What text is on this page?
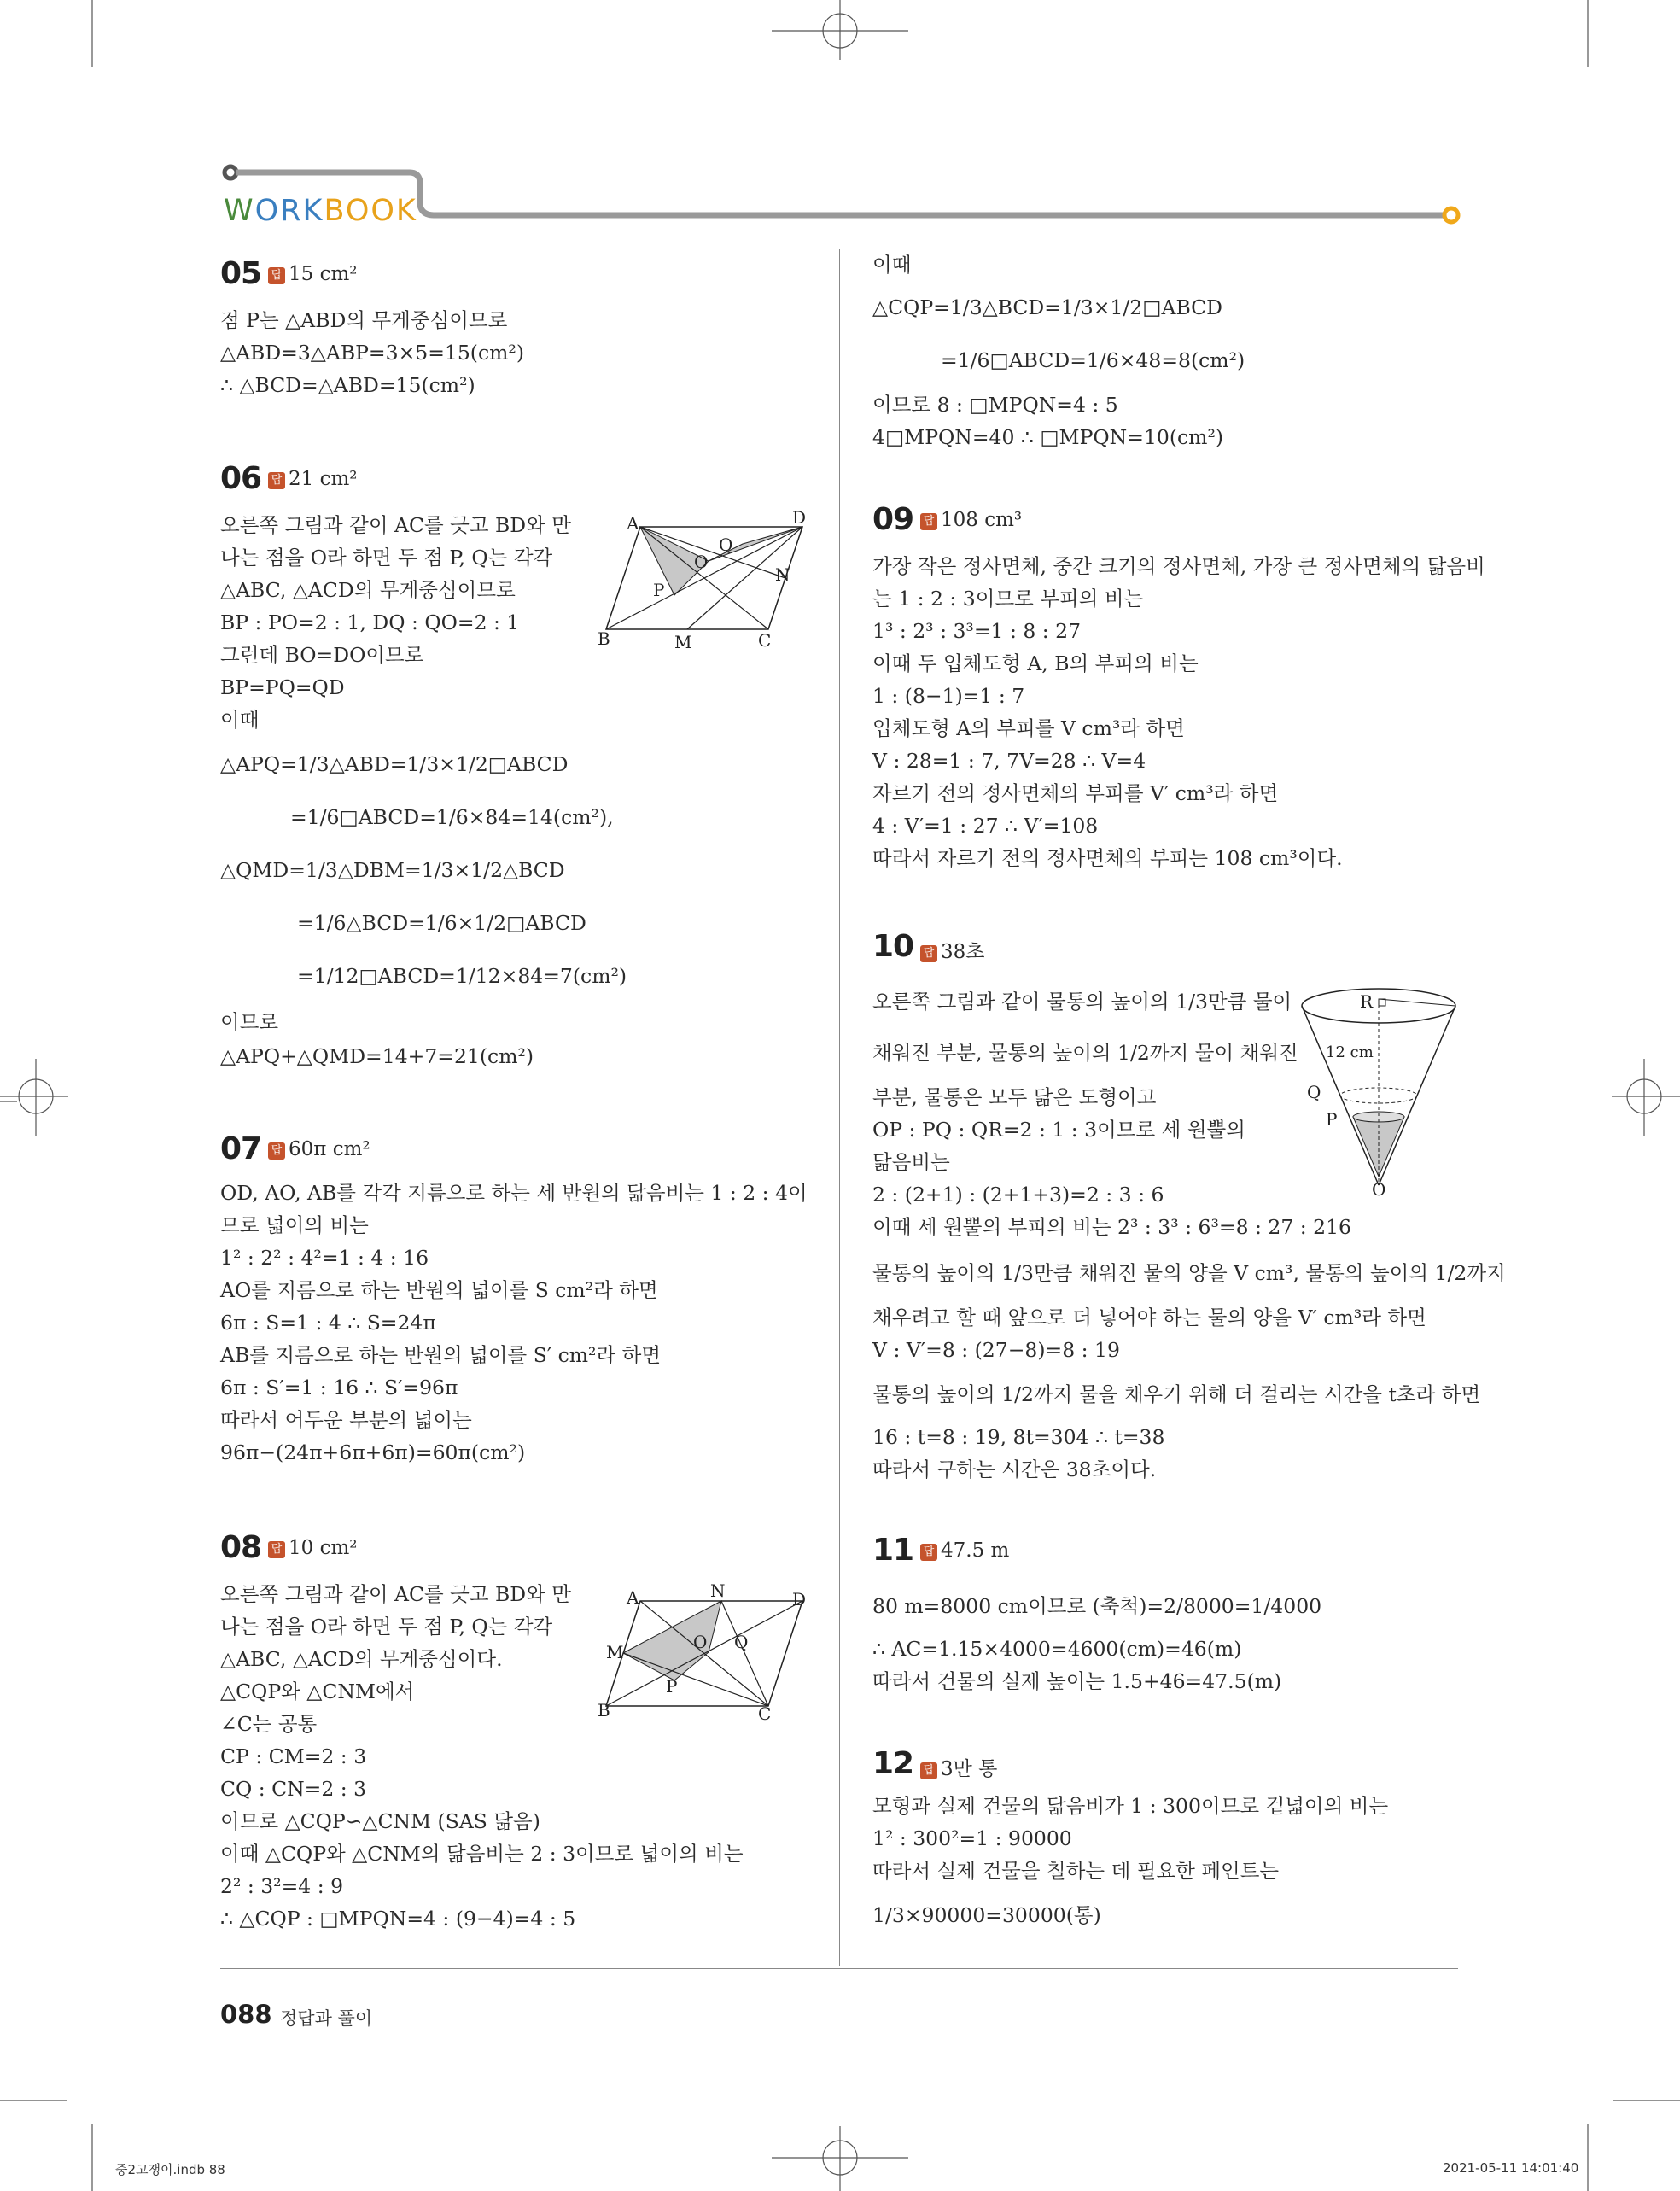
WORKBOOK
05 답 15 cm²
점 P는 △ABD의 무게중심이므로
△ABD=3△ABP=3×5=15(cm²)
∴ △BCD=△ABD=15(cm²)
06 답 21 cm²
오른쪽 그림과 같이 AC를 긋고 BD와 만
나는 점을 O라 하면 두 점 P, Q는 각각
△ABC, △ACD의 무게중심이므로
BP : PO=2 : 1, DQ : QO=2 : 1
그런데 BO=DO이므로
BP=PQ=QD
이때
△APQ=1/3△ABD=1/3×1/2□ABCD
=1/6□ABCD=1/6×84=14(cm²),
△QMD=1/3△DBM=1/3×1/2△BCD
=1/6△BCD=1/6×1/2□ABCD
=1/12□ABCD=1/12×84=7(cm²)
이므로
△APQ+△QMD=14+7=21(cm²)
A	D
Q
O
N
P
B	M	C
07 답 60π cm²
OD, AO, AB를 각각 지름으로 하는 세 반원의 닮음비는 1 : 2 : 4이
므로 넓이의 비는
1² : 2² : 4²=1 : 4 : 16
AO를 지름으로 하는 반원의 넓이를 S cm²라 하면
6π : S=1 : 4 ∴ S=24π
AB를 지름으로 하는 반원의 넓이를 S′ cm²라 하면
6π : S′=1 : 16 ∴ S′=96π
따라서 어두운 부분의 넓이는
96π−(24π+6π+6π)=60π(cm²)
08 답 10 cm²
오른쪽 그림과 같이 AC를 긋고 BD와 만
나는 점을 O라 하면 두 점 P, Q는 각각
△ABC, △ACD의 무게중심이다.
△CQP와 △CNM에서
∠C는 공통
CP : CM=2 : 3
CQ : CN=2 : 3
이므로 △CQP∽△CNM (SAS 닮음)
이때 △CQP와 △CNM의 닮음비는 2 : 3이므로 넓이의 비는
2² : 3²=4 : 9
∴ △CQP : □MPQN=4 : (9−4)=4 : 5
A	N	D
O Q
M
P
B	C
이때
△CQP=1/3△BCD=1/3×1/2□ABCD
=1/6□ABCD=1/6×48=8(cm²)
이므로 8 : □MPQN=4 : 5
4□MPQN=40 ∴ □MPQN=10(cm²)
09 답 108 cm³
가장 작은 정사면체, 중간 크기의 정사면체, 가장 큰 정사면체의 닮음비
는 1 : 2 : 3이므로 부피의 비는
1³ : 2³ : 3³=1 : 8 : 27
이때 두 입체도형 A, B의 부피의 비는
1 : (8−1)=1 : 7
입체도형 A의 부피를 V cm³라 하면
V : 28=1 : 7, 7V=28 ∴ V=4
자르기 전의 정사면체의 부피를 V′ cm³라 하면
4 : V′=1 : 27 ∴ V′=108
따라서 자르기 전의 정사면체의 부피는 108 cm³이다.
10 답 38초
오른쪽 그림과 같이 물통의 높이의 1/3만큼 물이
채워진 부분, 물통의 높이의 1/2까지 물이 채워진
부분, 물통은 모두 닮은 도형이고
OP : PQ : QR=2 : 1 : 3이므로 세 원뿔의
닮음비는
2 : (2+1) : (2+1+3)=2 : 3 : 6
이때 세 원뿔의 부피의 비는 2³ : 3³ : 6³=8 : 27 : 216
물통의 높이의 1/3만큼 채워진 물의 양을 V cm³, 물통의 높이의 1/2까지
채우려고 할 때 앞으로 더 넣어야 하는 물의 양을 V′ cm³라 하면
V : V′=8 : (27−8)=8 : 19
물통의 높이의 1/2까지 물을 채우기 위해 더 걸리는 시간을 t초라 하면
16 : t=8 : 19, 8t=304 ∴ t=38
따라서 구하는 시간은 38초이다.
R
12 cm
Q
P
O
11 답 47.5 m
80 m=8000 cm이므로 (축척)=2/8000=1/4000
∴ AC=1.15×4000=4600(cm)=46(m)
따라서 건물의 실제 높이는 1.5+46=47.5(m)
12 답 3만 통
모형과 실제 건물의 닮음비가 1 : 300이므로 겉넓이의 비는
1² : 300²=1 : 90000
따라서 실제 건물을 칠하는 데 필요한 페인트는
1/3×90000=30000(통)
088 정답과 풀이
중2고쟁이.indb 88	2021-05-11 14:01:40
